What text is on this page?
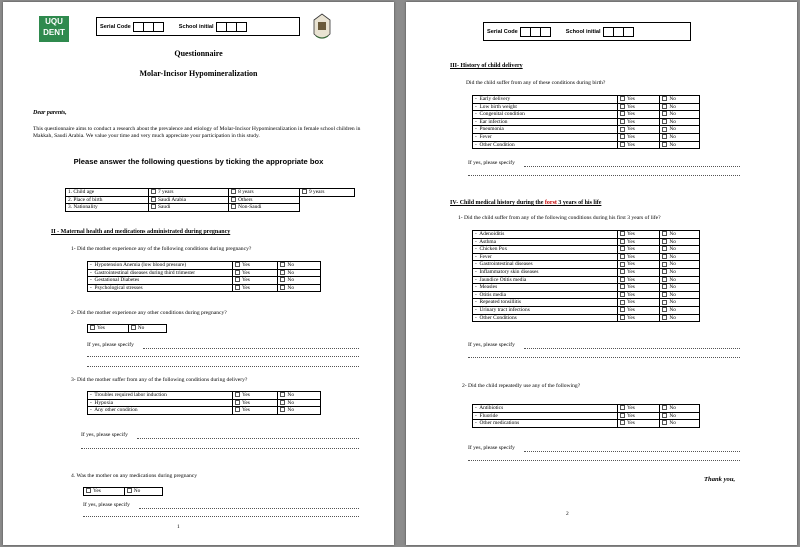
UQU
DENT
Serial Code	School initial
Questionnaire
Molar-Incisor Hypomineralization
Dear parents,
This questionnaire aims to conduct a research about the prevalence and etiology of Molar-Incisor Hypomineralization in female school children in Makkah, Saudi Arabia. We value your time and very much appreciate your participation in this study.
Please answer the following questions by ticking the appropriate box
1. Child age	7 years	8 years	9 years
2. Place of birth	Saudi Arabia	Others	
3. Nationality	Saudi	Non-Saudi	
II - Maternal health and medications administrated during pregnancy
1- Did the mother experience any of the following conditions during pregnancy?
-  Hypotension Anemia (low blood pressure)	Yes	No
-  Gastrointestinal diseases during third trimester	Yes	No
-  Gestational Diabetes	Yes	No
-  Psychological stresses	Yes	No
2- Did the mother experience any other conditions during pregnancy?
Yes	No
If yes, please specify
3- Did the mother suffer from any of the following conditions during delivery?
-  Troubles required labor induction	Yes	No
-  Hypoxia	Yes	No
-  Any other condition	Yes	No
If yes, please specify
4. Was the mother on any medications during pregnancy
Yes	No
If yes, please specify
1
Serial Code	School initial
III- History of child delivery
Did the child suffer from any of these conditions during birth?
-  Early delivery	Yes	No
-  Low birth weight	Yes	No
-  Congenital condition	Yes	No
-  Ear infection	Yes	No
-  Pneumonia	Yes	No
-  Fever	Yes	No
-  Other Condition	Yes	No
If yes, please specify
IV- Child medical history during the forst 3 years of his life
1- Did the child suffer from any of the following conditions during his first 3 years of life?
-  Adenoiditis	Yes	No
-  Asthma	Yes	No
-  Chicken Pox	Yes	No
-  Fever	Yes	No
-  Gastrointestinal diseases	Yes	No
-  Inflammatory skin diseases	Yes	No
-  Jaundice Otitis media	Yes	No
-  Measles	Yes	No
-  Otitis media	Yes	No
-  Repeated tonsillitis	Yes	No
-  Urinary tract infections	Yes	No
-  Other Conditions	Yes	No
If yes, please specify
2- Did the child repeatedly use any of the following?
-  Antibiotics	Yes	No
-  Fluoride	Yes	No
-  Other medications	Yes	No
If yes, please specify
Thank you,
2
